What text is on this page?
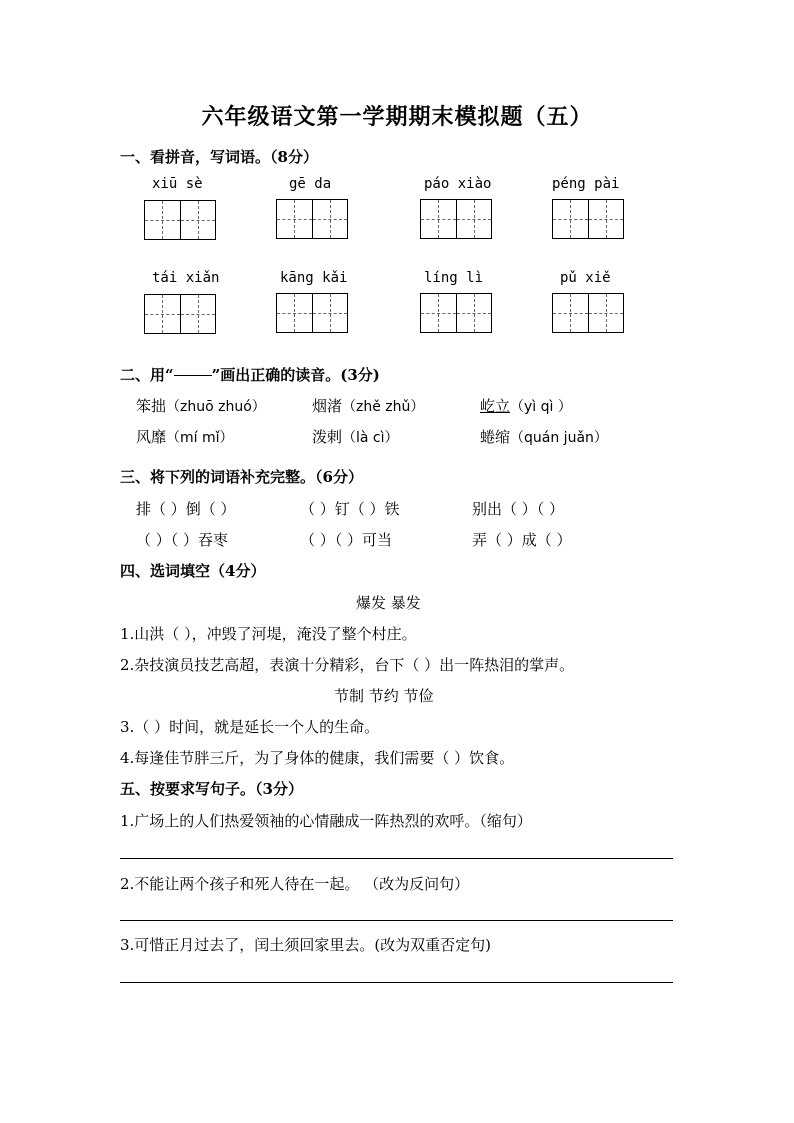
六年级语文第一学期期末模拟题（五）
一、看拼音，写词语。（8分）
xiū sè	gē da	páo xiào	péng pài
tái xiǎn	kāng kǎi	líng lì	pǔ xiě
二、用“	”画出正确的读音。(3分)
笨拙（zhuō zhuó）	烟渚（zhě zhǔ）	屹立（yì qì ）
风靡（mí mǐ）	泼剌（là cì）	蜷缩（quán juǎn）
三、将下列的词语补充完整。（6分）
排（ ）倒（ ）	（ ）钉（ ）铁	别出（ ）（ ）
（ ）（ ）吞枣	（ ）（ ）可当	弄（ ）成（ ）
四、选词填空（4分）
爆发 暴发
1.山洪（ ），冲毁了河堤，淹没了整个村庄。
2.杂技演员技艺高超，表演十分精彩，台下（ ）出一阵热泪的掌声。
节制 节约 节俭
3.（ ）时间，就是延长一个人的生命。
4.每逢佳节胖三斤，为了身体的健康，我们需要（ ）饮食。
五、按要求写句子。（3分）
1.广场上的人们热爱领袖的心情融成一阵热烈的欢呼。（缩句）
2.不能让两个孩子和死人待在一起。 （改为反问句）
3.可惜正月过去了，闰土须回家里去。(改为双重否定句)
